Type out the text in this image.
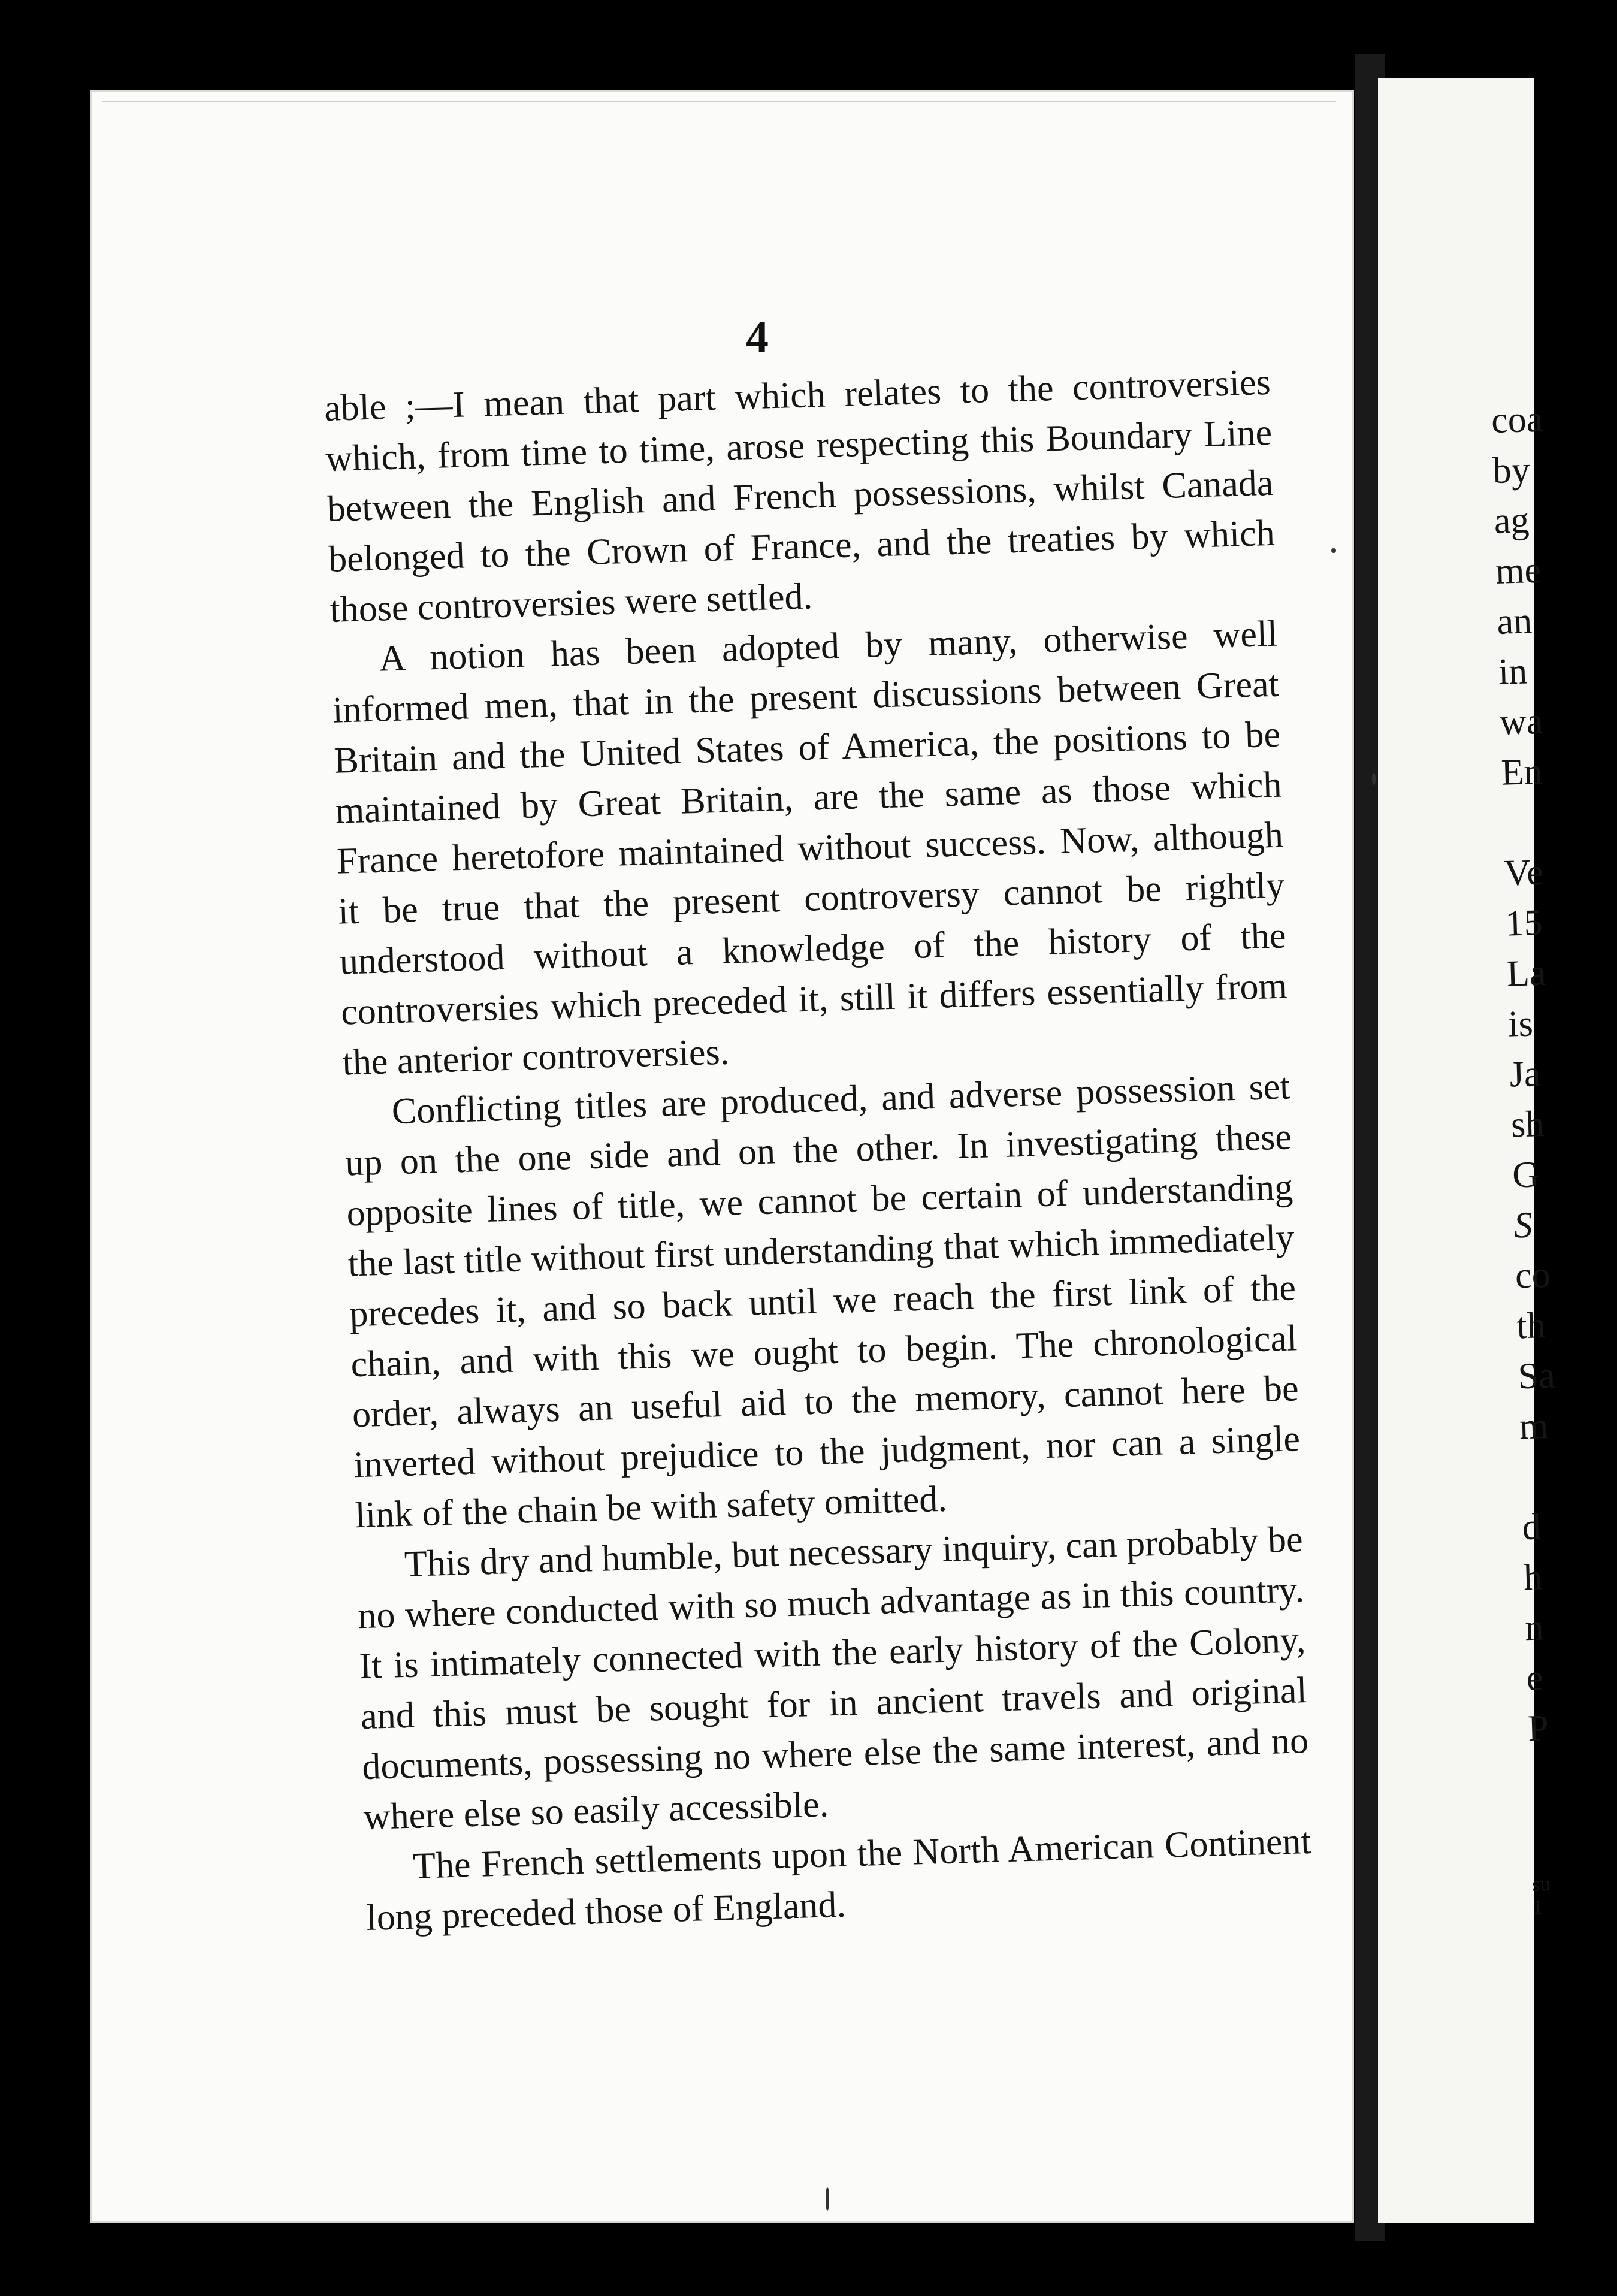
4

able ;—I mean that part which relates to the controversies which, from time to time, arose respecting this Boundary Line between the English and French possessions, whilst Canada belonged to the Crown of France, and the treaties by which those controversies were settled.

A notion has been adopted by many, otherwise well informed men, that in the present discussions between Great Britain and the United States of America, the positions to be maintained by Great Britain, are the same as those which France heretofore maintained without success. Now, although it be true that the present controversy cannot be rightly understood without a knowledge of the history of the controversies which preceded it, still it differs essentially from the anterior controversies.

Conflicting titles are produced, and adverse possession set up on the one side and on the other. In investigating these opposite lines of title, we cannot be certain of understanding the last title without first understanding that which immediately precedes it, and so back until we reach the first link of the chain, and with this we ought to begin. The chronological order, always an useful aid to the memory, cannot here be inverted without prejudice to the judgment, nor can a single link of the chain be with safety omitted.

This dry and humble, but necessary inquiry, can probably be no where conducted with so much advantage as in this country. It is intimately connected with the early history of the Colony, and this must be sought for in ancient travels and original documents, possessing no where else the same interest, and no where else so easily accessible.

The French settlements upon the North American Continent long preceded those of England.

coa
by
ag
me
an
in
wa
En
Ve
15
La
is
Ja
sh
G
S
co
th
Sa
m
d
h
n
e
P
su
1
